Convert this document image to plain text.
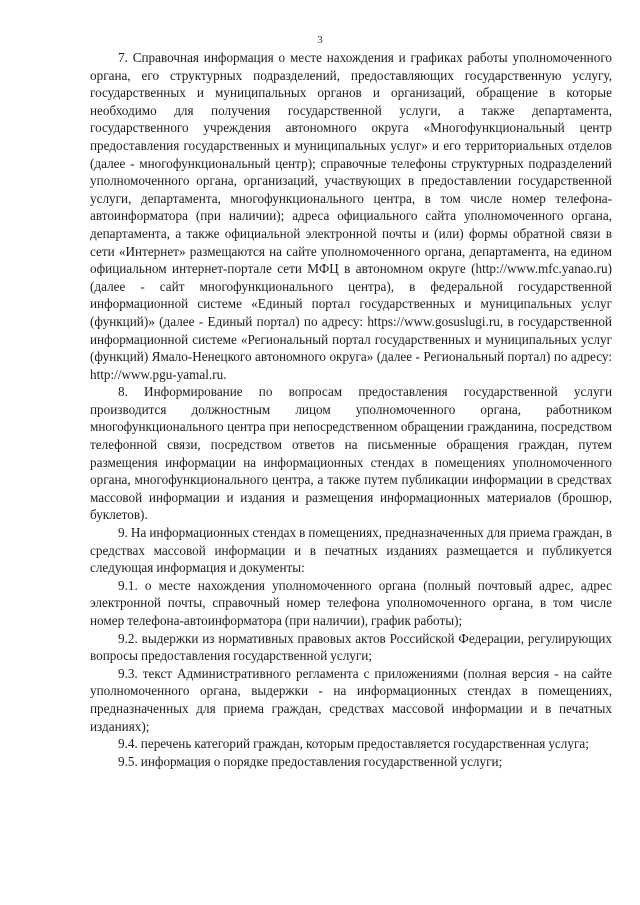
3

7. Справочная информация о месте нахождения и графиках работы уполномоченного органа, его структурных подразделений, предоставляющих государственную услугу, государственных и муниципальных органов и организаций, обращение в которые необходимо для получения государственной услуги, а также департамента, государственного учреждения автономного округа «Многофункциональный центр предоставления государственных и муниципальных услуг» и его территориальных отделов (далее - многофункциональный центр); справочные телефоны структурных подразделений уполномоченного органа, организаций, участвующих в предоставлении государственной услуги, департамента, многофункционального центра, в том числе номер телефона-автоинформатора (при наличии); адреса официального сайта уполномоченного органа, департамента, а также официальной электронной почты и (или) формы обратной связи в сети «Интернет» размещаются на сайте уполномоченного органа, департамента, на едином официальном интернет-портале сети МФЦ в автономном округе (http://www.mfc.yanao.ru) (далее - сайт многофункционального центра), в федеральной государственной информационной системе «Единый портал государственных и муниципальных услуг (функций)» (далее - Единый портал) по адресу: https://www.gosuslugi.ru, в государственной информационной системе «Региональный портал государственных и муниципальных услуг (функций) Ямало-Ненецкого автономного округа» (далее - Региональный портал) по адресу: http://www.pgu-yamal.ru.

8. Информирование по вопросам предоставления государственной услуги производится должностным лицом уполномоченного органа, работником многофункционального центра при непосредственном обращении гражданина, посредством телефонной связи, посредством ответов на письменные обращения граждан, путем размещения информации на информационных стендах в помещениях уполномоченного органа, многофункционального центра, а также путем публикации информации в средствах массовой информации и издания и размещения информационных материалов (брошюр, буклетов).

9. На информационных стендах в помещениях, предназначенных для приема граждан, в средствах массовой информации и в печатных изданиях размещается и публикуется следующая информация и документы:

9.1. о месте нахождения уполномоченного органа (полный почтовый адрес, адрес электронной почты, справочный номер телефона уполномоченного органа, в том числе номер телефона-автоинформатора (при наличии), график работы);

9.2. выдержки из нормативных правовых актов Российской Федерации, регулирующих вопросы предоставления государственной услуги;

9.3. текст Административного регламента с приложениями (полная версия - на сайте уполномоченного органа, выдержки - на информационных стендах в помещениях, предназначенных для приема граждан, средствах массовой информации и в печатных изданиях);

9.4. перечень категорий граждан, которым предоставляется государственная услуга;

9.5. информация о порядке предоставления государственной услуги;
